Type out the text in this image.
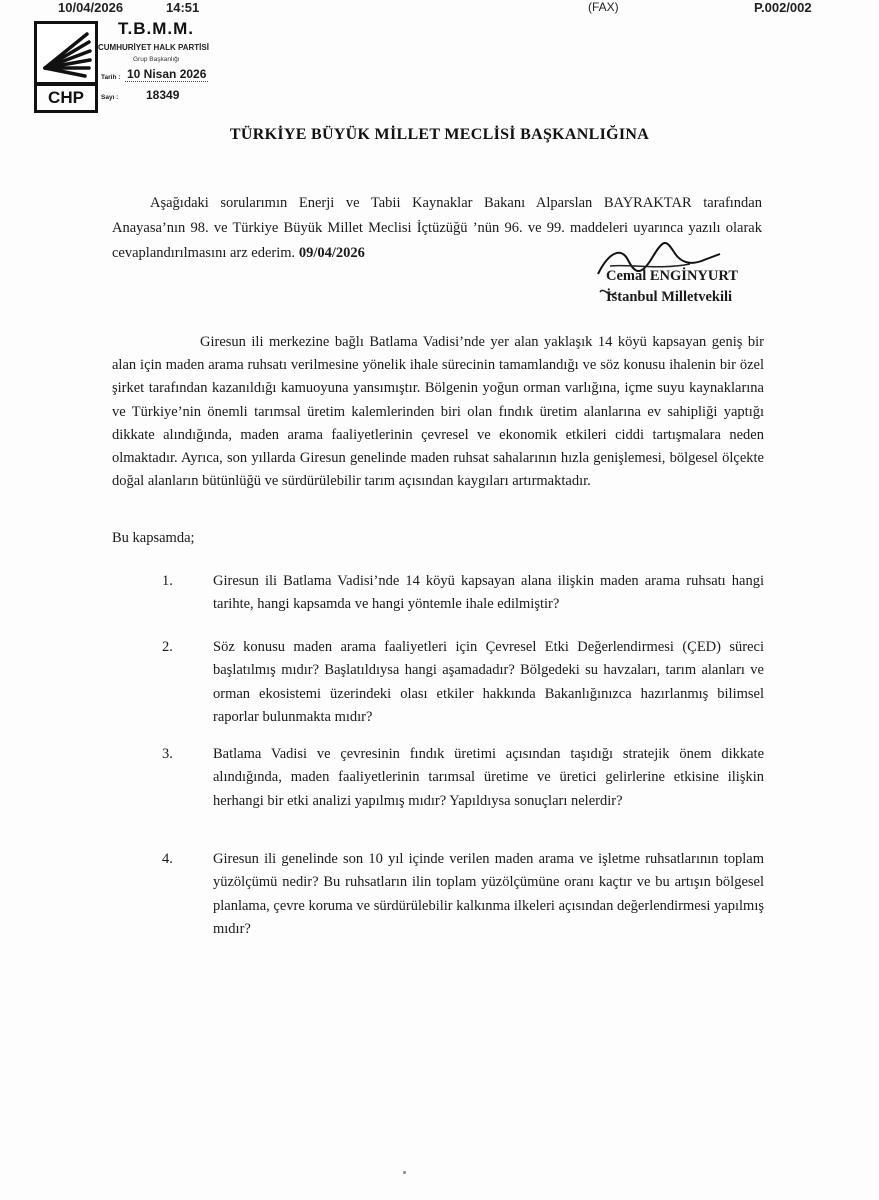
10/04/2026	14:51	(FAX)	P.002/002
CHP
T.B.M.M.
CUMHURİYET HALK PARTİSİ
Grup Başkanlığı
Tarih : 10 Nisan 2026
Sayı : 18349
TÜRKİYE BÜYÜK MİLLET MECLİSİ BAŞKANLIĞINA

Aşağıdaki sorularımın Enerji ve Tabii Kaynaklar Bakanı Alparslan BAYRAKTAR tarafından Anayasa’nın 98. ve Türkiye Büyük Millet Meclisi İçtüzüğü ’nün 96. ve 99. maddeleri uyarınca yazılı olarak cevaplandırılmasını arz ederim. 09/04/2026

Cemal ENGİNYURT
İstanbul Milletvekili

Giresun ili merkezine bağlı Batlama Vadisi’nde yer alan yaklaşık 14 köyü kapsayan geniş bir alan için maden arama ruhsatı verilmesine yönelik ihale sürecinin tamamlandığı ve söz konusu ihalenin bir özel şirket tarafından kazanıldığı kamuoyuna yansımıştır. Bölgenin yoğun orman varlığına, içme suyu kaynaklarına ve Türkiye’nin önemli tarımsal üretim kalemlerinden biri olan fındık üretim alanlarına ev sahipliği yaptığı dikkate alındığında, maden arama faaliyetlerinin çevresel ve ekonomik etkileri ciddi tartışmalara neden olmaktadır. Ayrıca, son yıllarda Giresun genelinde maden ruhsat sahalarının hızla genişlemesi, bölgesel ölçekte doğal alanların bütünlüğü ve sürdürülebilir tarım açısından kaygıları artırmaktadır.

Bu kapsamda;
1.	Giresun ili Batlama Vadisi’nde 14 köyü kapsayan alana ilişkin maden arama ruhsatı hangi tarihte, hangi kapsamda ve hangi yöntemle ihale edilmiştir?
2.	Söz konusu maden arama faaliyetleri için Çevresel Etki Değerlendirmesi (ÇED) süreci başlatılmış mıdır? Başlatıldıysa hangi aşamadadır? Bölgedeki su havzaları, tarım alanları ve orman ekosistemi üzerindeki olası etkiler hakkında Bakanlığınızca hazırlanmış bilimsel raporlar bulunmakta mıdır?
3.	Batlama Vadisi ve çevresinin fındık üretimi açısından taşıdığı stratejik önem dikkate alındığında, maden faaliyetlerinin tarımsal üretime ve üretici gelirlerine etkisine ilişkin herhangi bir etki analizi yapılmış mıdır? Yapıldıysa sonuçları nelerdir?
4.	Giresun ili genelinde son 10 yıl içinde verilen maden arama ve işletme ruhsatlarının toplam yüzölçümü nedir? Bu ruhsatların ilin toplam yüzölçümüne oranı kaçtır ve bu artışın bölgesel planlama, çevre koruma ve sürdürülebilir kalkınma ilkeleri açısından değerlendirmesi yapılmış mıdır?
